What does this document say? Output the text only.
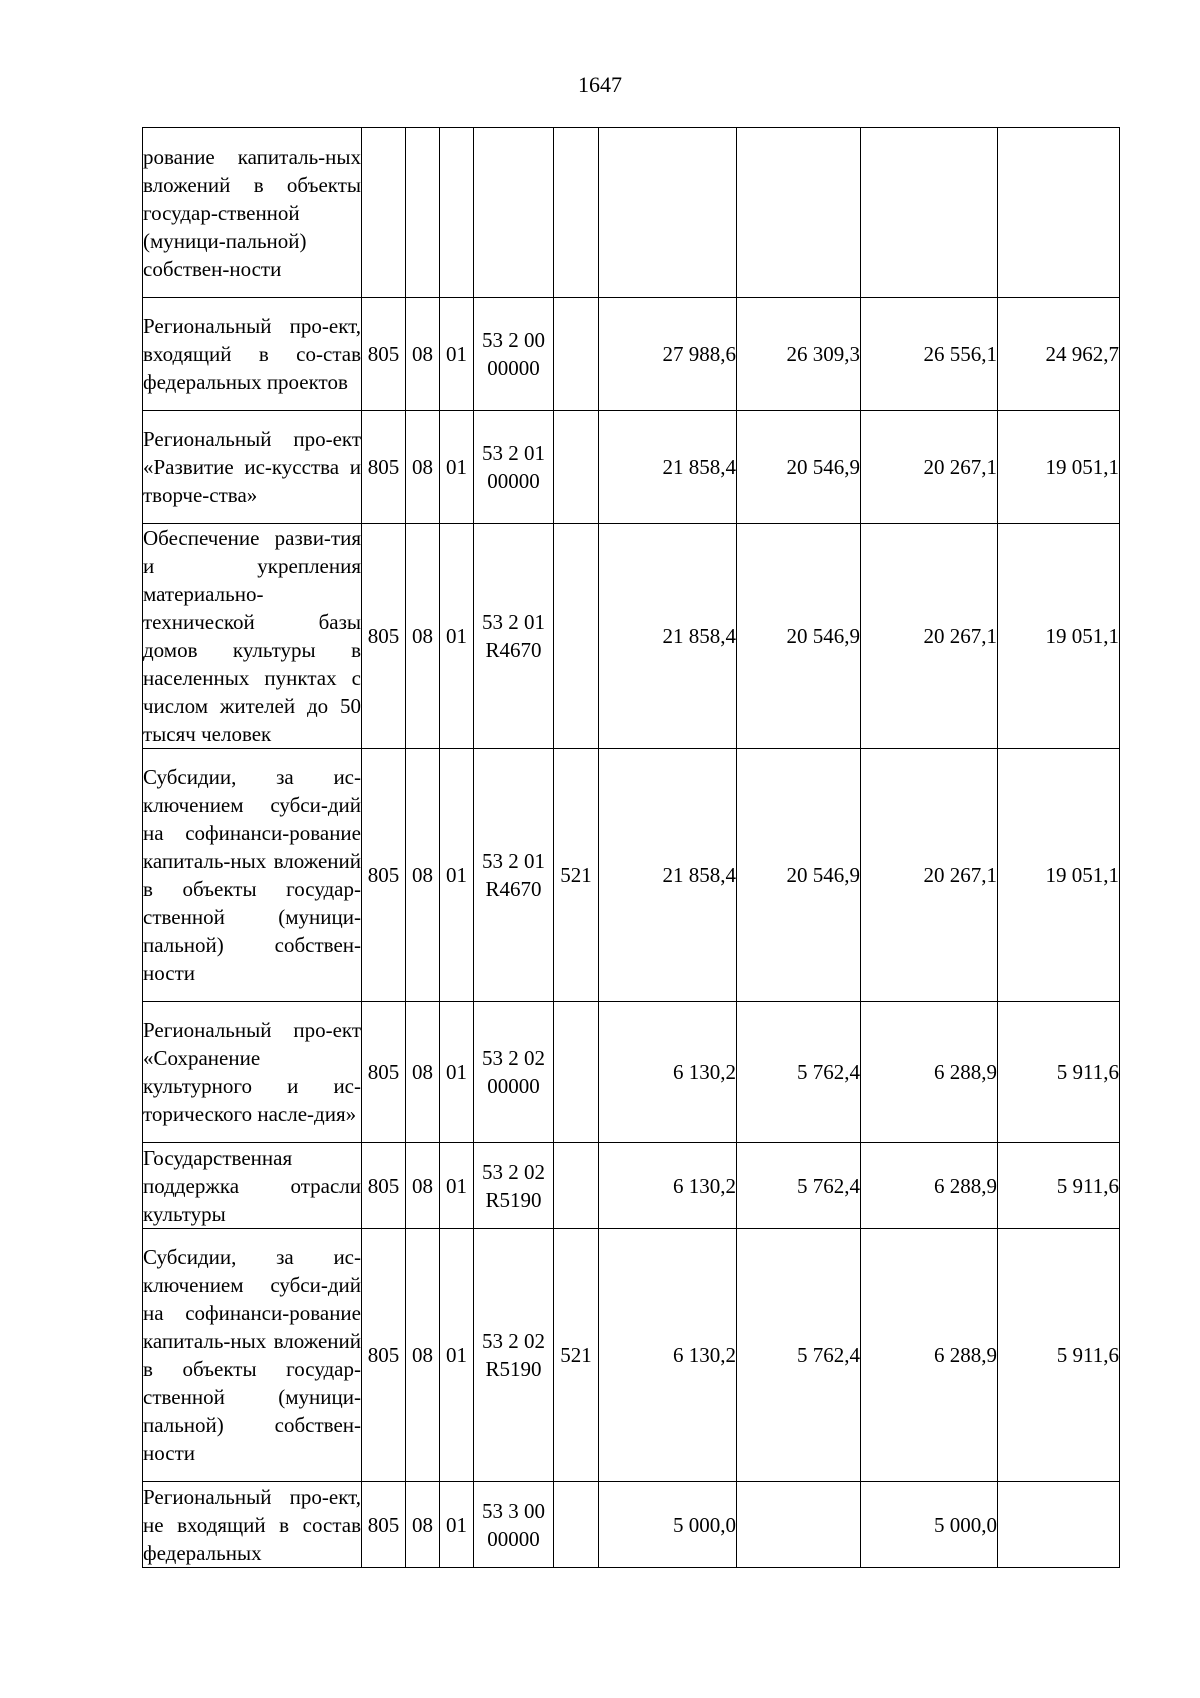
1647
рование капиталь-ных вложений в объекты государ-ственной (муници-пальной) собствен-ности									
Региональный про-ект, входящий в со-став федеральных проектов	805	08	01	53 2 00 00000		27 988,6	26 309,3	26 556,1	24 962,7
Региональный про-ект «Развитие ис-кусства и творче-ства»	805	08	01	53 2 01 00000		21 858,4	20 546,9	20 267,1	19 051,1
Обеспечение разви-тия и укрепления материально-технической базы домов культуры в населенных пунктах с числом жителей до 50 тысяч человек	805	08	01	53 2 01 R4670		21 858,4	20 546,9	20 267,1	19 051,1
Субсидии, за ис-ключением субси-дий на софинанси-рование капиталь-ных вложений в объекты государ-ственной (муници-пальной) собствен-ности	805	08	01	53 2 01 R4670	521	21 858,4	20 546,9	20 267,1	19 051,1
Региональный про-ект «Сохранение культурного и ис-торического насле-дия»	805	08	01	53 2 02 00000		6 130,2	5 762,4	6 288,9	5 911,6
Государственная поддержка отрасли культуры	805	08	01	53 2 02 R5190		6 130,2	5 762,4	6 288,9	5 911,6
Субсидии, за ис-ключением субси-дий на софинанси-рование капиталь-ных вложений в объекты государ-ственной (муници-пальной) собствен-ности	805	08	01	53 2 02 R5190	521	6 130,2	5 762,4	6 288,9	5 911,6
Региональный про-ект, не входящий в состав федеральных	805	08	01	53 3 00 00000		5 000,0		5 000,0	
